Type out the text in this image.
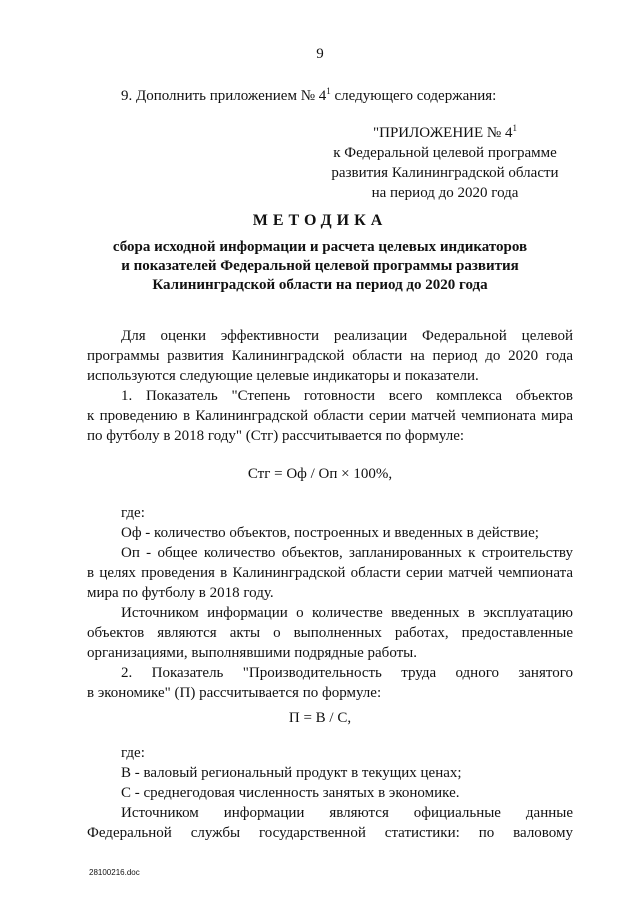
9
9. Дополнить приложением № $4^1$ следующего содержания:
"ПРИЛОЖЕНИЕ № $4^1$
к Федеральной целевой программе
развития Калининградской области
на период до 2020 года
МЕТОДИКА
сбора исходной информации и расчета целевых индикаторов
и показателей Федеральной целевой программы развития
Калининградской области на период до 2020 года
Для оценки эффективности реализации Федеральной целевой
программы развития Калининградской области на период до 2020 года
используются следующие целевые индикаторы и показатели.
1. Показатель "Степень готовности всего комплекса объектов
к проведению в Калининградской области серии матчей чемпионата мира
по футболу в 2018 году" (Стг) рассчитывается по формуле:
Стг = Оф / Оп × 100%,
где:
Оф - количество объектов, построенных и введенных в действие;
Оп - общее количество объектов, запланированных к строительству
в целях проведения в Калининградской области серии матчей чемпионата
мира по футболу в 2018 году.
Источником информации о количестве введенных в эксплуатацию
объектов являются акты о выполненных работах, предоставленные
организациями, выполнявшими подрядные работы.
2. Показатель "Производительность труда одного занятого
в экономике" (П) рассчитывается по формуле:
П = В / С,
где:
В - валовый региональный продукт в текущих ценах;
С - среднегодовая численность занятых в экономике.
Источником информации являются официальные данные
Федеральной службы государственной статистики: по валовому
28100216.doc
